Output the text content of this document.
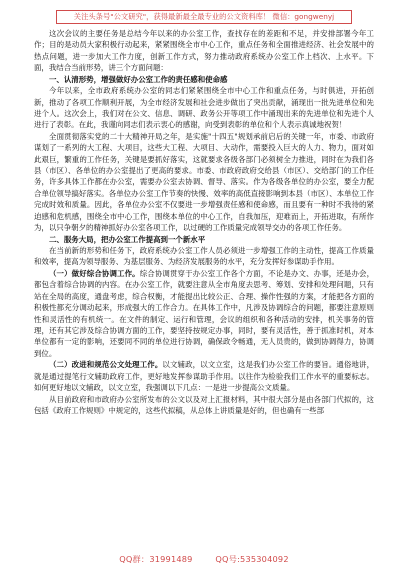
关注头条号"公文研究"，获得最新最全最专业的公文资料库！ 微信：gongwenyj

这次会议的主要任务是总结今年以来的办公室工作，查找存在的差距和不足，并安排部署今年工作；目的是动员大家积极行动起来，紧紧围绕全市中心工作，重点任务和全面推进经济、社会发展中的热点问题，进一步加大工作力度，创新工作方式，努力推动政府系统办公室工作上档次、上水平。下面，我结合当前形势，讲三个方面问题：

一、认清形势，增强做好办公室工作的责任感和使命感

今年以来，全市政府系统办公室的同志们紧紧围绕全市中心工作和重点任务，与时俱进，开拓创新，推动了各项工作顺利开展，为全市经济发展和社会进步做出了突出贡献，涌现出一批先进单位和先进个人。这次会上，我们对在公文、信息、调研、政务公开等项工作中涌现出来的先进单位和先进个人进行了表彰。在此，我谨向同志们表示衷心的感谢，向受到表彰的单位和个人表示真诚地祝贺！

全面贯彻落实党的二十大精神开局之年，是实施"十四五"规划承前启后的关键一年，市委、市政府谋划了一系列的大工程、大项目，这些大工程、大项目、大动作，需要投入巨大的人力、物力，面对如此艰巨，繁重的工作任务，关键是要抓好落实，这就要求各级各部门必须树全力推进，同时在为我们各县（市区）、各单位的办公室提出了更高的要求。市委、市政府政府交给县（市区）、交给部门的工作任务，许多具体工作都在办公室，需要办公室去协调、督导、落实。作为各级各单位的办公室，要全力配合单位领导搞好落实。各单位办公室工作节奏的快慢、效率的高低直接影响到本县（市区）、本单位工作完成时效和质量。因此，各单位办公室不仅要进一步增强责任感和使命感，而且要有一种时不我待的紧迫感和危机感，围绕全市中心工作，围绕本单位的中心工作，自我加压，迎难而上，开拓进取，有所作为，以只争朝夕的精神抓好办公室各项工作，以过硬的工作质量完成领导交办的各项工作任务。

二、服务大局，把办公室工作提高到一个新水平

在当前新的形势和任务下，政府系统办公室工作人员必须进一步增强工作的主动性，提高工作质量和效率，提高为领导服务、为基层服务、为经济发展服务的水平，充分发挥好参谋助手作用。

（一）做好综合协调工作。综合协调贯穿于办公室工作各个方面，不论是办文、办事，还是办会，都包含着综合协调的内容。在办公室工作，就要注意从全市角度去思考、筹划、安排和处理问题，只有站在全局的高度，通盘考虑，综合权衡，才能提出比较公正、合理、操作性强的方案，才能把各方面的积极性都充分调动起来，形成强大的工作合力。在具体工作中，凡涉及协调综合的问题，都要注意原则性和灵活性的有机统一。在文件的制定、运行和管理，会议的组织和各种活动的安排，机关事务的管理，还有其它涉及综合协调方面的工作，要坚持按规定办事，同时，要有灵活性，善于抓准时机，对本单位都有一定的影响，还要同不同的单位进行协调，确保政令畅通，无人员贵的，做到协调得力，协调到位。

（二）改进和规范公文处理工作。以文辅政，以文立室，这是我们办公室工作的要旨。通俗地讲，就是通过提笔行文辅助政府工作，更好地发挥参谋助手作用。以往作为检验我们工作水平的重要标志。如何更好地以文辅政，以文立室，我强调以下几点：一是进一步提高公文质量。

从目前政府和市政府办公室所发布的公文以及对上汇报材料，其中很大部分是由各部门代拟的，这包括《政府工作规则》中规定的，这些代拟稿，从总体上讲质量是好的，但也确有一些部

QQ群：31991489	QQ号:535304092
